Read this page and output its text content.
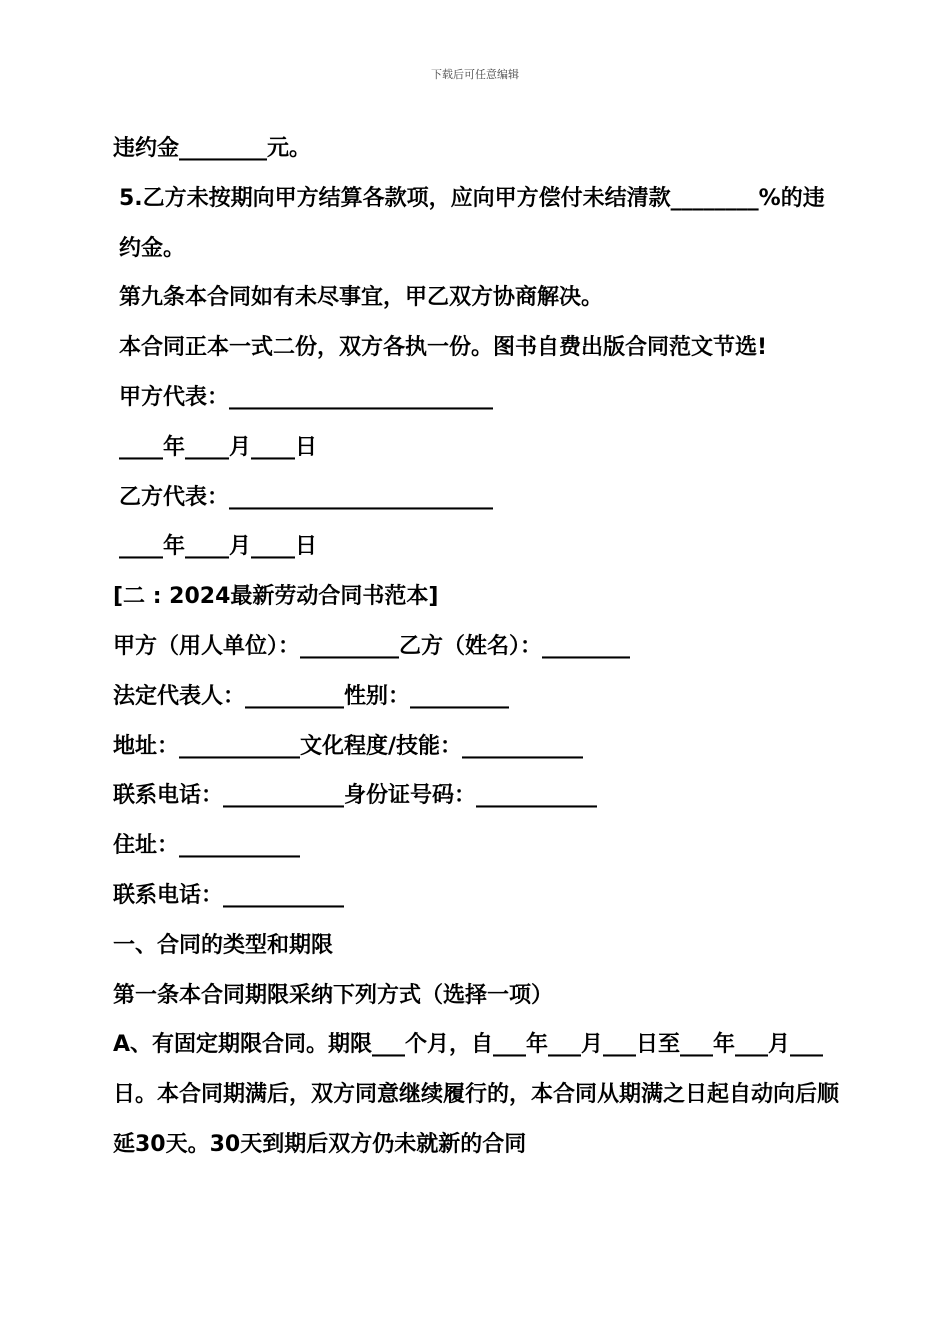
下载后可任意编辑

违约金________元。

5.乙方未按期向甲方结算各款项，应向甲方偿付未结清款________%的违约金。

第九条本合同如有未尽事宜，甲乙双方协商解决。

本合同正本一式二份，双方各执一份。图书自费出版合同范文节选!

甲方代表：________________________

____年____月____日

乙方代表：________________________

____年____月____日

[二 : 2024最新劳动合同书范本]

甲方（用人单位）：_________乙方（姓名）：________

法定代表人：_________性别：_________

地址：___________文化程度/技能：___________

联系电话：___________身份证号码：___________

住址：___________

联系电话：___________

一、合同的类型和期限

第一条本合同期限采纳下列方式（选择一项）

A、有固定期限合同。期限___个月，自___年___月___日至___年___月___日。本合同期满后，双方同意继续履行的，本合同从期满之日起自动向后顺延30天。30天到期后双方仍未就新的合同
